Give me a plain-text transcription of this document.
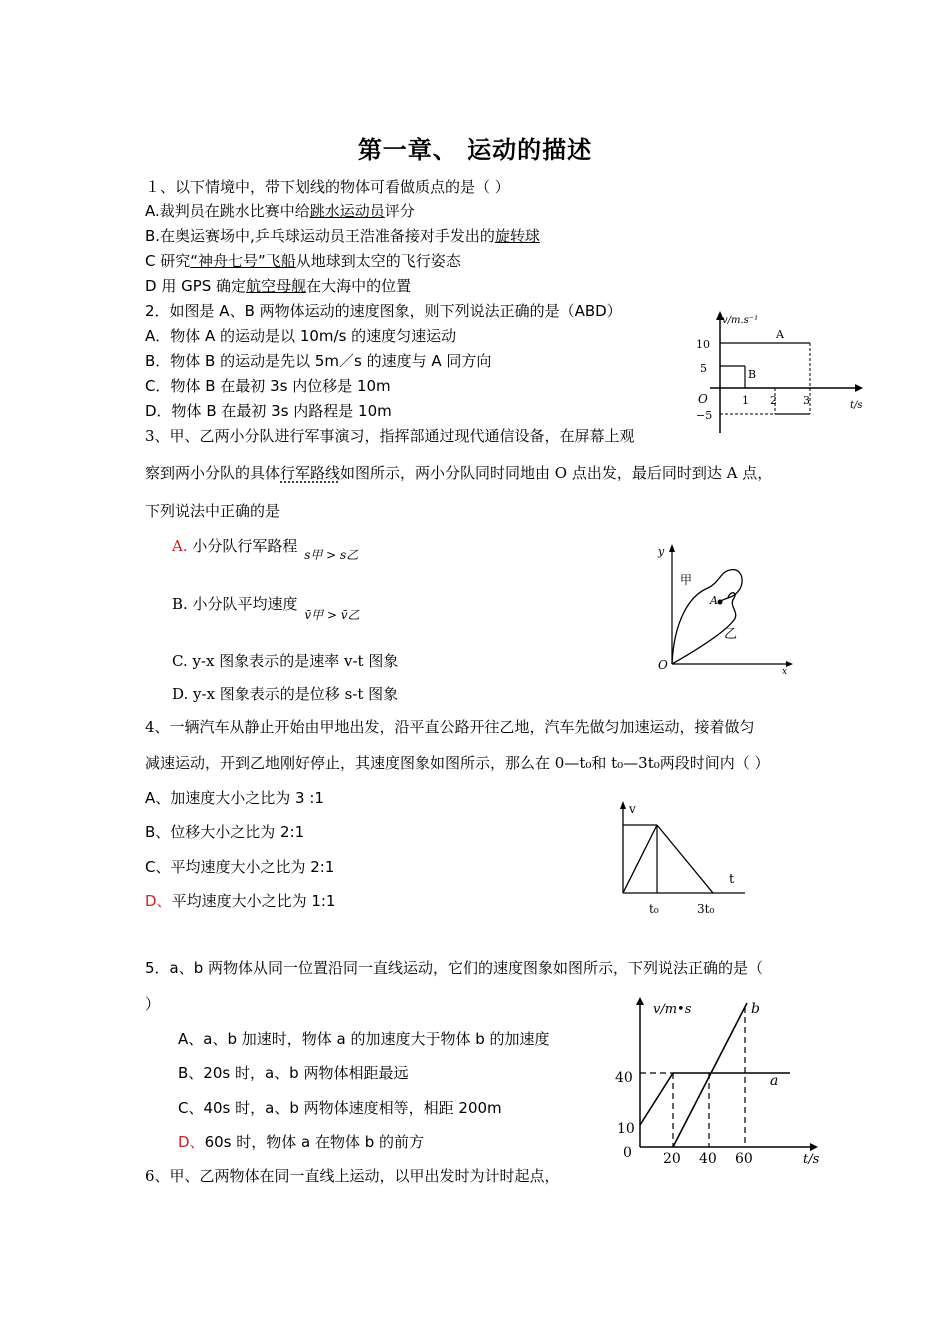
第一章、 运动的描述
１、以下情境中，带下划线的物体可看做质点的是（ ）
A.裁判员在跳水比赛中给跳水运动员评分
B.在奥运赛场中,乒乓球运动员王浩准备接对手发出的旋转球
C 研究“神舟七号”飞船从地球到太空的飞行姿态
D 用 GPS 确定航空母舰在大海中的位置
2．如图是 A、B 两物体运动的速度图象，则下列说法正确的是（ABD）
A．物体 A 的运动是以 10m/s 的速度匀速运动
B．物体 B 的运动是先以 5m／s 的速度与 A 同方向
C．物体 B 在最初 3s 内位移是 10m
D．物体 B 在最初 3s 内路程是 10m
v/m.s⁻¹
10
5
O
−5
A
B
1 2 3	t/s
3、甲、乙两小分队进行军事演习，指挥部通过现代通信设备，在屏幕上观
察到两小分队的具体行军路线如图所示，两小分队同时同地由 O 点出发，最后同时到达 A 点，
下列说法中正确的是
A. 小分队行军路程 $_{s甲 > s乙}$
B. 小分队平均速度 $_{v̄甲 > v̄乙}$
C. y-x 图象表示的是速率 v-t 图象
D. y-x 图象表示的是位移 s-t 图象
y
x
O
甲
A
乙
4、一辆汽车从静止开始由甲地出发，沿平直公路开往乙地，汽车先做匀加速运动，接着做匀
减速运动，开到乙地刚好停止，其速度图象如图所示，那么在 0—t₀和 t₀—3t₀两段时间内（ ）
A、加速度大小之比为 3 :1
B、位移大小之比为 2:1
C、平均速度大小之比为 2:1
D、平均速度大小之比为 1:1
v
t
t₀	3t₀
5．a、b 两物体从同一位置沿同一直线运动，它们的速度图象如图所示，下列说法正确的是（
）
A、a、b 加速时，物体 a 的加速度大于物体 b 的加速度
B、20s 时，a、b 两物体相距最远
C、40s 时，a、b 两物体速度相等，相距 200m
D、60s 时，物体 a 在物体 b 的前方
v/m•s	b
a
40
10
0 20 40 60	t/s
6、甲、乙两物体在同一直线上运动，以甲出发时为计时起点，
